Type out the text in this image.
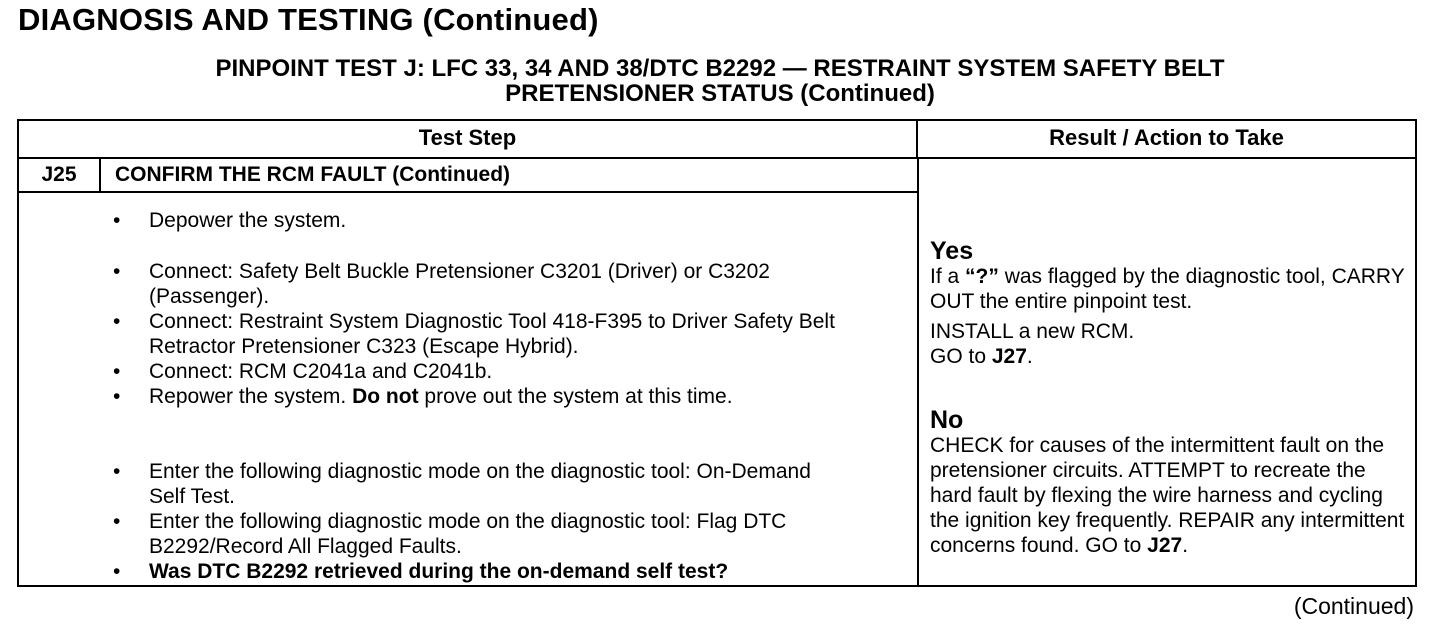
DIAGNOSIS AND TESTING (Continued)
PINPOINT TEST J: LFC 33, 34 AND 38/DTC B2292 — RESTRAINT SYSTEM SAFETY BELT
PRETENSIONER STATUS (Continued)
Test Step	Result / Action to Take
J25	CONFIRM THE RCM FAULT (Continued)
• Depower the system.
• Connect: Safety Belt Buckle Pretensioner C3201 (Driver) or C3202 (Passenger).
• Connect: Restraint System Diagnostic Tool 418-F395 to Driver Safety Belt Retractor Pretensioner C323 (Escape Hybrid).
• Connect: RCM C2041a and C2041b.
• Repower the system. Do not prove out the system at this time.
• Enter the following diagnostic mode on the diagnostic tool: On-Demand Self Test.
• Enter the following diagnostic mode on the diagnostic tool: Flag DTC B2292/Record All Flagged Faults.
• Was DTC B2292 retrieved during the on-demand self test?
Yes
If a “?” was flagged by the diagnostic tool, CARRY OUT the entire pinpoint test.
INSTALL a new RCM.
GO to J27.
No
CHECK for causes of the intermittent fault on the pretensioner circuits. ATTEMPT to recreate the hard fault by flexing the wire harness and cycling the ignition key frequently. REPAIR any intermittent concerns found. GO to J27.
(Continued)
